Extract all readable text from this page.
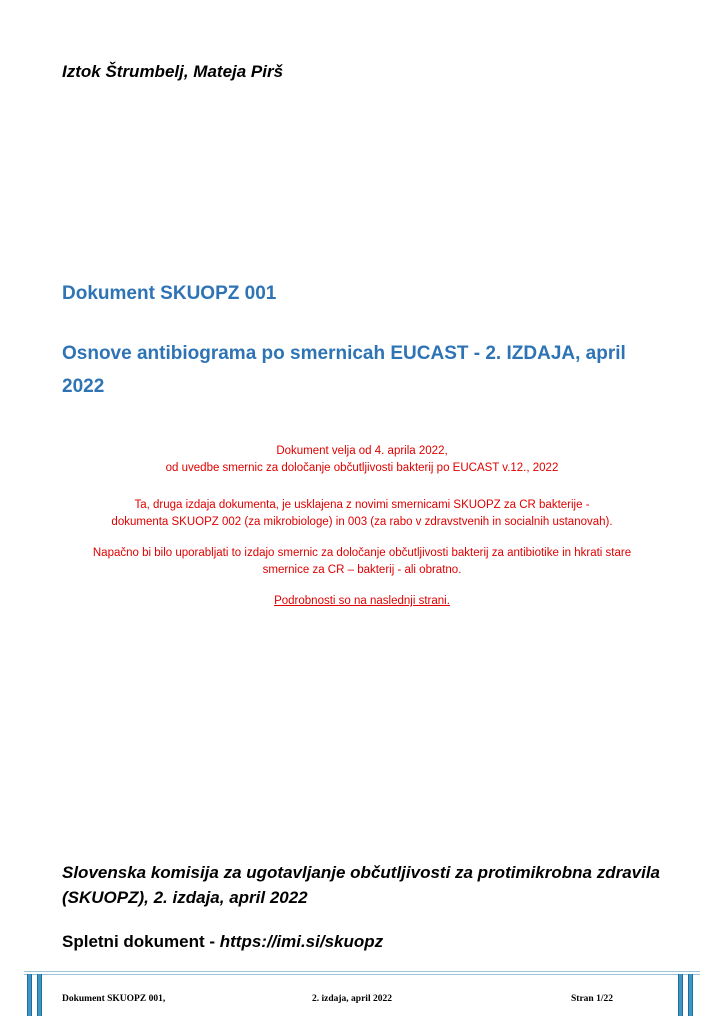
Iztok Štrumbelj, Mateja Pirš
Dokument SKUOPZ 001
Osnove antibiograma po smernicah EUCAST - 2. IZDAJA, april 2022

Dokument velja od 4. aprila 2022,

od uvedbe smernic za določanje občutljivosti bakterij po EUCAST v.12., 2022

Ta, druga izdaja dokumenta, je usklajena z novimi smernicami SKUOPZ za CR bakterije -

dokumenta SKUOPZ 002 (za mikrobiologe) in 003 (za rabo v zdravstvenih in socialnih ustanovah).

Napačno bi bilo uporabljati to izdajo smernic za določanje občutljivosti bakterij za antibiotike in hkrati stare

smernice za CR – bakterij - ali obratno.

Podrobnosti so na naslednji strani.
Slovenska komisija za ugotavljanje občutljivosti za protimikrobna zdravila (SKUOPZ), 2. izdaja, april 2022
Spletni dokument - https://imi.si/skuopz
Dokument SKUOPZ 001,	2. izdaja, april 2022	Stran 1/22
